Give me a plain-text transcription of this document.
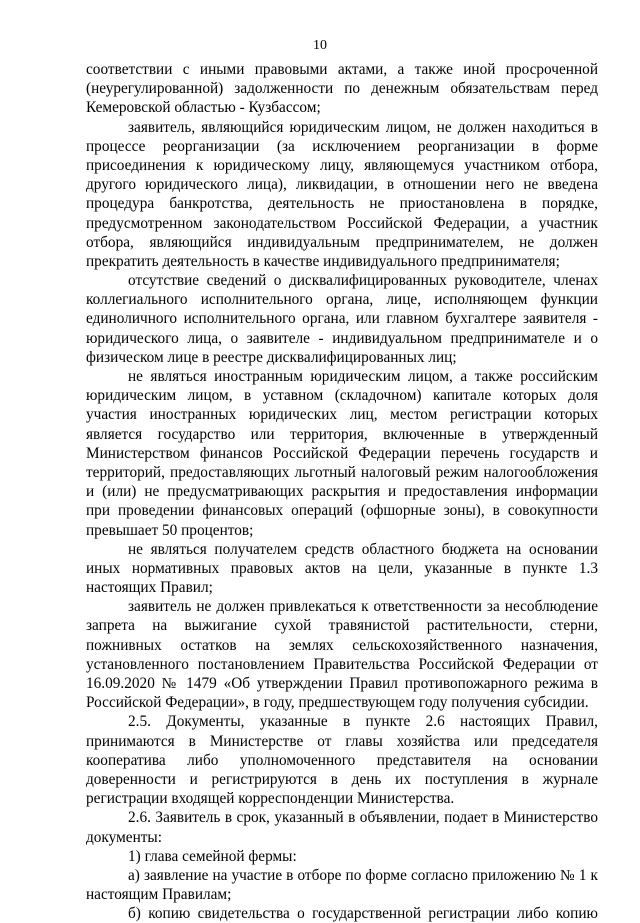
10
соответствии с иными правовыми актами, а также иной просроченной
(неурегулированной) задолженности по денежным обязательствам перед
Кемеровской областью - Кузбассом;
заявитель, являющийся юридическим лицом, не должен находиться в
процессе реорганизации (за исключением реорганизации в форме
присоединения к юридическому лицу, являющемуся участником отбора,
другого юридического лица), ликвидации, в отношении него не введена
процедура банкротства, деятельность не приостановлена в порядке,
предусмотренном законодательством Российской Федерации, а участник
отбора, являющийся индивидуальным предпринимателем, не должен
прекратить деятельность в качестве индивидуального предпринимателя;
отсутствие сведений о дисквалифицированных руководителе, членах
коллегиального исполнительного органа, лице, исполняющем функции
единоличного исполнительного органа, или главном бухгалтере заявителя -
юридического лица, о заявителе - индивидуальном предпринимателе и о
физическом лице в реестре дисквалифицированных лиц;
не являться иностранным юридическим лицом, а также российским
юридическим лицом, в уставном (складочном) капитале которых доля
участия иностранных юридических лиц, местом регистрации которых
является государство или территория, включенные в утвержденный
Министерством финансов Российской Федерации перечень государств и
территорий, предоставляющих льготный налоговый режим налогообложения
и (или) не предусматривающих раскрытия и предоставления информации
при проведении финансовых операций (офшорные зоны), в совокупности
превышает 50 процентов;
не являться получателем средств областного бюджета на основании
иных нормативных правовых актов на цели, указанные в пункте 1.3
настоящих Правил;
заявитель не должен привлекаться к ответственности за несоблюдение
запрета на выжигание сухой травянистой растительности, стерни,
пожнивных остатков на землях сельскохозяйственного назначения,
установленного постановлением Правительства Российской Федерации от
16.09.2020 № 1479 «Об утверждении Правил противопожарного режима в
Российской Федерации», в году, предшествующем году получения субсидии.
2.5. Документы, указанные в пункте 2.6 настоящих Правил,
принимаются в Министерстве от главы хозяйства или председателя
кооператива либо уполномоченного представителя на основании
доверенности и регистрируются в день их поступления в журнале
регистрации входящей корреспонденции Министерства.
2.6. Заявитель в срок, указанный в объявлении, подает в Министерство
документы:
1) глава семейной фермы:
а) заявление на участие в отборе по форме согласно приложению № 1 к
настоящим Правилам;
б) копию свидетельства о государственной регистрации либо копию
